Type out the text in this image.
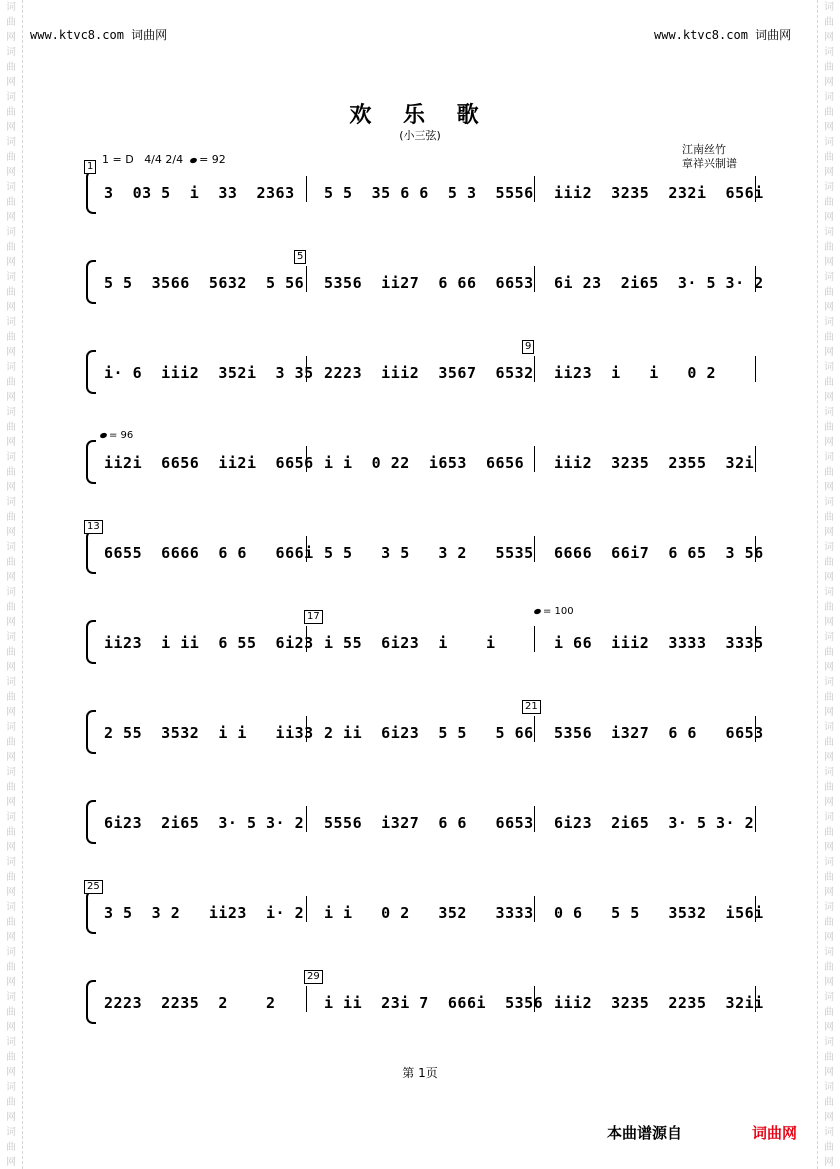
词
曲
网
词
曲
网
词
曲
网
词
曲
网
词
曲
网
词
曲
网
词
曲
网
词
曲
网
词
曲
网
词
曲
网
词
曲
网
词
曲
网
词
曲
网
词
曲
网
词
曲
网
词
曲
网
词
曲
网
词
曲
网
词
曲
网
词
曲
网
词
曲
网
词
曲
网
词
曲
网
词
曲
网
词
曲
网
词
曲
网
词
曲
网
词
曲
网
词
曲
网
词
曲
网
词
曲
网
词
曲
网
词
曲
网
词
曲
网
词
曲
网
词
曲
网
词
曲
网
词
曲
网
词
曲
网
词
曲
网
词
曲
网
词
曲
网
词
曲
网
词
曲
网
词
曲
网
词
曲
网
词
曲
网
词
曲
网
词
曲
网
词
曲
网
词
曲
网
词
曲
网
www.ktvc8.com 词曲网	www.ktvc8.com 词曲网
欢 乐 歌
(小三弦)
江南丝竹
章祥兴制谱
1 = D 4/4 2/4 = 92
3  03 5  i  33  2363 5 5  35 6 6  5 3  5556 iii2  3235  232i  656i
1
5 5  3566  5632  5 56 5356  ii27  6 66  6653 6i 23  2i65  3· 5 3· 2
5
i· 6  iii2  352i  3 35 2223  iii2  3567  6532 ii23  i   i   0 2
9
ii2i  6656  ii2i  6656 i i  0 22  i653  6656 iii2  3235  2355  32i
= 96
6655  6666  6 6   666i 5 5   3 5   3 2   5535 6666  66i7  6 65  3 56
13
ii23  i ii  6 55  6i23 i 55  6i23  i    i	i 66  iii2  3333  3335
17	= 100
2 55  3532  i i   ii33 2 ii  6i23  5 5   5 66 5356  i327  6 6   6653
21
6i23  2i65  3· 5 3· 2 5556  i327  6 6   6653 6i23  2i65  3· 5 3· 2
3 5  3 2   ii23  i· 2 i i   0 2   352   3333 0 6   5 5   3532  i56i
25
2223  2235  2    2	i ii  23i 7  666i  5356 iii2  3235  2235  32ii
29
第 1页
本曲谱源自	词曲网
